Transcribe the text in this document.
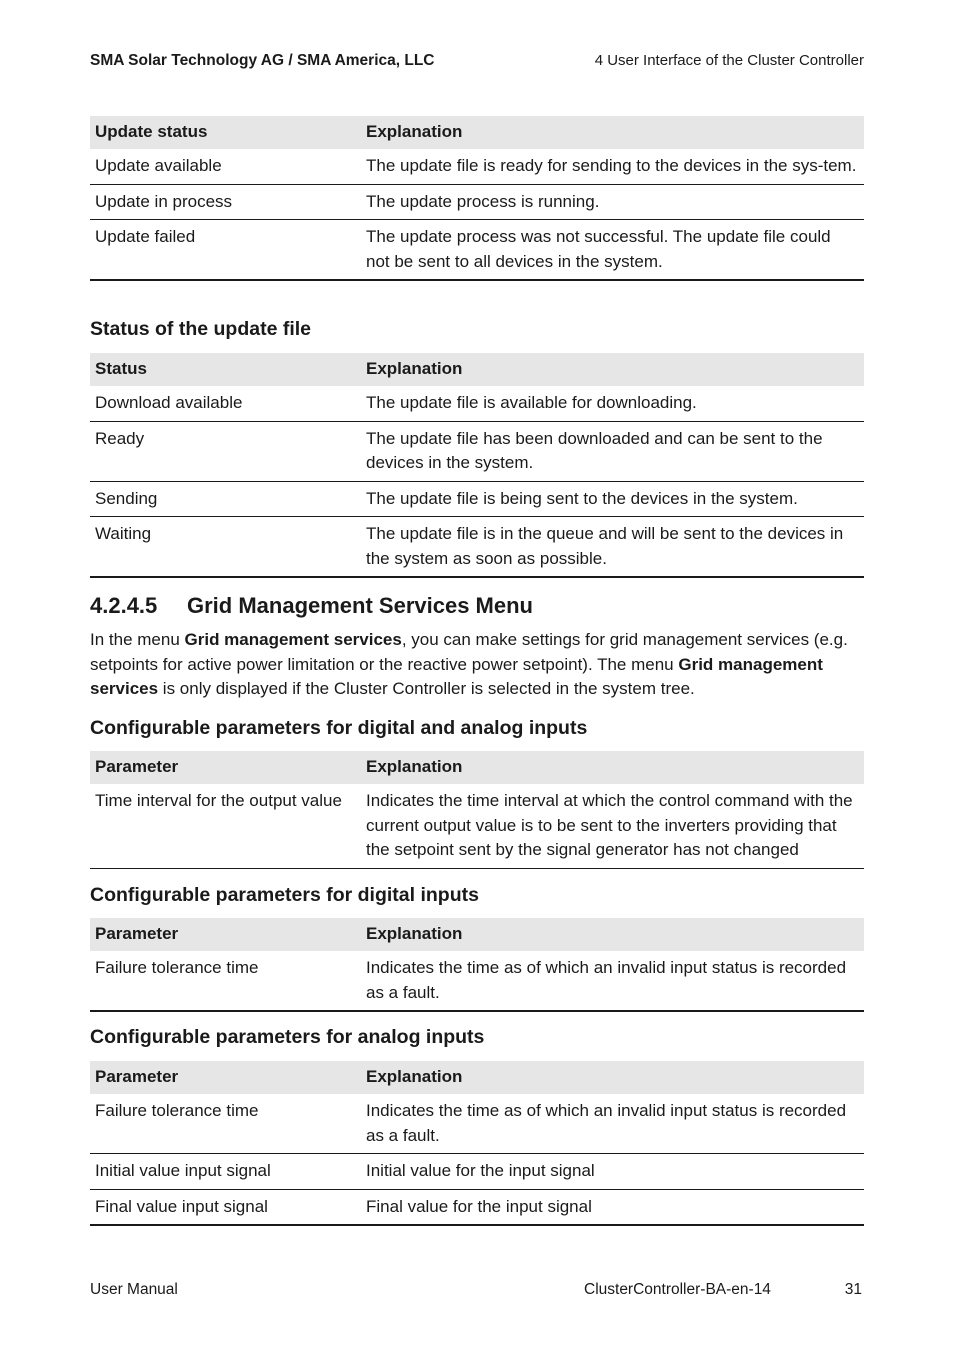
SMA Solar Technology AG / SMA America, LLC	4 User Interface of the Cluster Controller
Update status	Explanation
Update available	The update file is ready for sending to the devices in the sys-tem.
Update in process	The update process is running.
Update failed	The update process was not successful. The update file could not be sent to all devices in the system.
Status of the update file
Status	Explanation
Download available	The update file is available for downloading.
Ready	The update file has been downloaded and can be sent to the devices in the system.
Sending	The update file is being sent to the devices in the system.
Waiting	The update file is in the queue and will be sent to the devices in the system as soon as possible.
4.2.4.5 Grid Management Services Menu

In the menu Grid management services, you can make settings for grid management services (e.g. setpoints for active power limitation or the reactive power setpoint). The menu Grid management services is only displayed if the Cluster Controller is selected in the system tree.

Configurable parameters for digital and analog inputs
Parameter	Explanation
Time interval for the output value	Indicates the time interval at which the control command with the current output value is to be sent to the inverters providing that the setpoint sent by the signal generator has not changed
Configurable parameters for digital inputs
Parameter	Explanation
Failure tolerance time	Indicates the time as of which an invalid input status is recorded as a fault.
Configurable parameters for analog inputs
Parameter	Explanation
Failure tolerance time	Indicates the time as of which an invalid input status is recorded as a fault.
Initial value input signal	Initial value for the input signal
Final value input signal	Final value for the input signal
User Manual	ClusterController-BA-en-14	31
